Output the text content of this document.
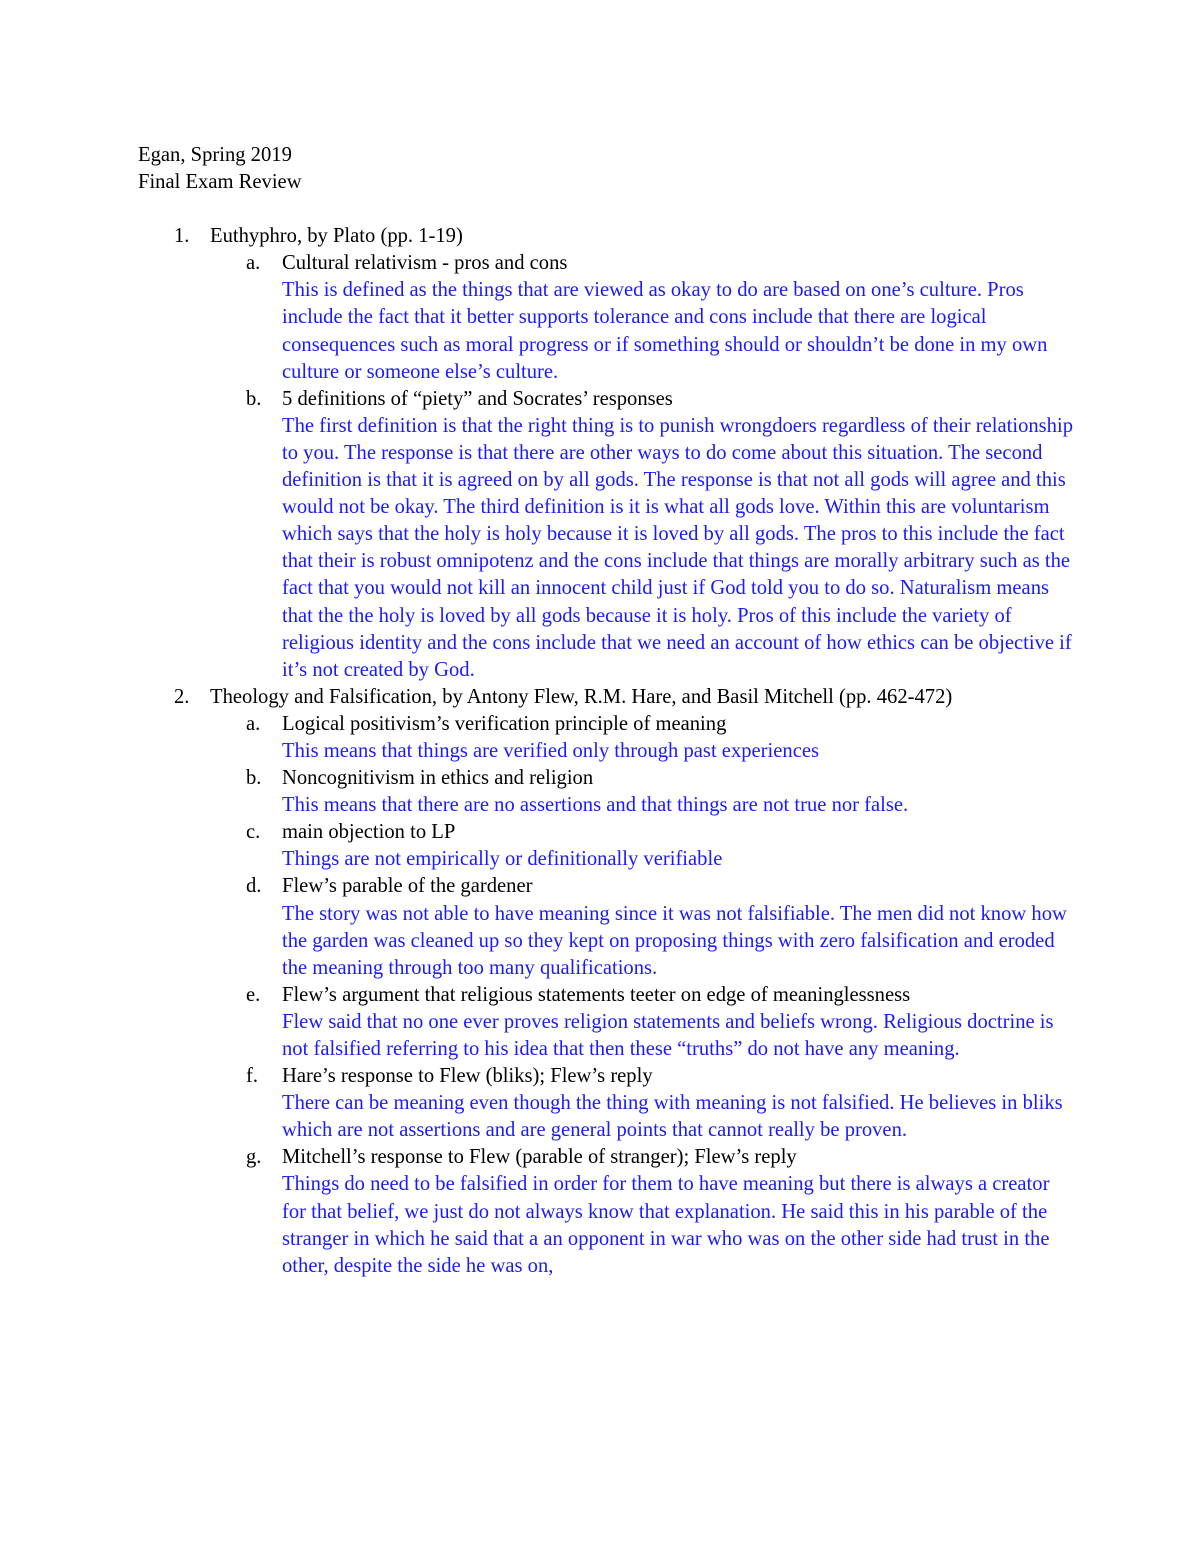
Egan, Spring 2019
Final Exam Review
1. Euthyphro, by Plato (pp. 1-19)
a. Cultural relativism - pros and cons
This is defined as the things that are viewed as okay to do are based on one’s culture. Pros include the fact that it better supports tolerance and cons include that there are logical consequences such as moral progress or if something should or shouldn’t be done in my own culture or someone else’s culture.
b. 5 definitions of “piety” and Socrates’ responses
The first definition is that the right thing is to punish wrongdoers regardless of their relationship to you. The response is that there are other ways to do come about this situation. The second definition is that it is agreed on by all gods. The response is that not all gods will agree and this would not be okay. The third definition is it is what all gods love. Within this are voluntarism which says that the holy is holy because it is loved by all gods. The pros to this include the fact that their is robust omnipotenz and the cons include that things are morally arbitrary such as the fact that you would not kill an innocent child just if God told you to do so. Naturalism means that the the holy is loved by all gods because it is holy. Pros of this include the variety of religious identity and the cons include that we need an account of how ethics can be objective if it’s not created by God.
2. Theology and Falsification, by Antony Flew, R.M. Hare, and Basil Mitchell (pp. 462-472)
a. Logical positivism’s verification principle of meaning
This means that things are verified only through past experiences
b. Noncognitivism in ethics and religion
This means that there are no assertions and that things are not true nor false.
c. main objection to LP
Things are not empirically or definitionally verifiable
d. Flew’s parable of the gardener
The story was not able to have meaning since it was not falsifiable. The men did not know how the garden was cleaned up so they kept on proposing things with zero falsification and eroded the meaning through too many qualifications.
e. Flew’s argument that religious statements teeter on edge of meaninglessness
Flew said that no one ever proves religion statements and beliefs wrong. Religious doctrine is not falsified referring to his idea that then these “truths” do not have any meaning.
f. Hare’s response to Flew (bliks); Flew’s reply
There can be meaning even though the thing with meaning is not falsified. He believes in bliks which are not assertions and are general points that cannot really be proven.
g. Mitchell’s response to Flew (parable of stranger); Flew’s reply
Things do need to be falsified in order for them to have meaning but there is always a creator for that belief, we just do not always know that explanation. He said this in his parable of the stranger in which he said that a an opponent in war who was on the other side had trust in the other, despite the side he was on,
